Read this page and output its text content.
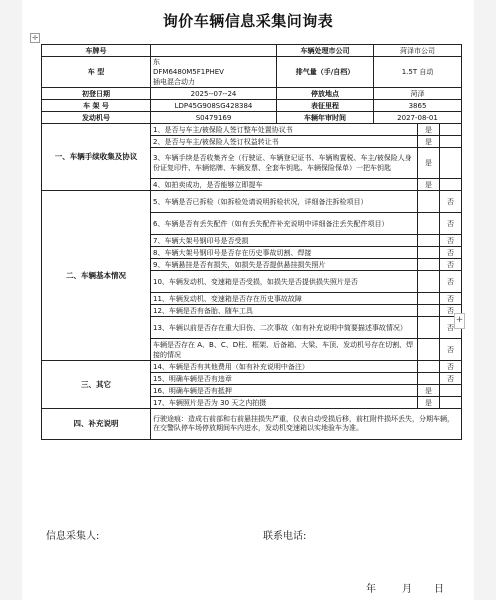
询价车辆信息采集问询表
✛
车牌号		车辆处理市公司	菏泽市公司		
车 型	东
DFM6480M5F1PHEV
插电混合动力	排气量（手/自档）	1.5T 自动		
初登日期	2025--07--24	停放地点	菏泽		
车 架 号	LDP45G908SG428384	表征里程	3865		
发动机号	S0479169	车辆年审时间	2027-08-01		
一、车辆手续收集及协议	1、是否与车主/被保险人签订整车处置协议书			是	
	2、是否与车主/被保险人签订权益转让书			是	
	3、车辆手续是否收集齐全（行驶证、车辆登记证书、车辆购置税、车主/被保险人身份证复印件、车辆铭牌、车辆发票、全套车钥匙、车辆保险保单）一把车钥匙			是	
	4、如拍卖成功，是否能够立即提车			是	
二、车辆基本情况	5、车辆是否已拆检（如拆检处请说明拆检状况，详细备注拆检项目）				否
	6、车辆是否有丢失配件（如有丢失配件补充说明中详细备注丢失配件项目）				否
	7、车辆大架号钢印号是否受损				否
	8、车辆大架号钢印号是否存在历史事故切割、焊接				否
	9、车辆悬挂是否有损失，如损失是否提供悬挂损失照片				否
	10、车辆发动机、变速箱是否受损，如损失是否提供损失照片是否				否
	11、车辆发动机、变速箱是否存在历史事故故障				否
	12、车辆是否有备胎、随车工具				否
	13、车辆以前是否存在重大旧伤、二次事故（如有补充说明中简要描述事故情况）				否
	车辆是否存在 A、B、C、D柱、框架、后备箱、大梁、车顶、发动机号存在切割、焊接的情况				否
三、其它	14、车辆是否有其他费用（如有补充说明中备注）				否
	15、明确车辆是否有违章				否
	16、明确车辆是否有抵押			是	
	17、车辆照片是否为 30 天之内拍摄			是	
四、补充说明	行驶途痕：造成右前部和右前悬挂损失严重，仪表自动受损后移，前杠附件损坏丢失，分期车辆，在交警队停车场停放期间车内进水，发动机变速箱以实地验车为准。				
信息采集人:	联系电话:
年	月 日
+
